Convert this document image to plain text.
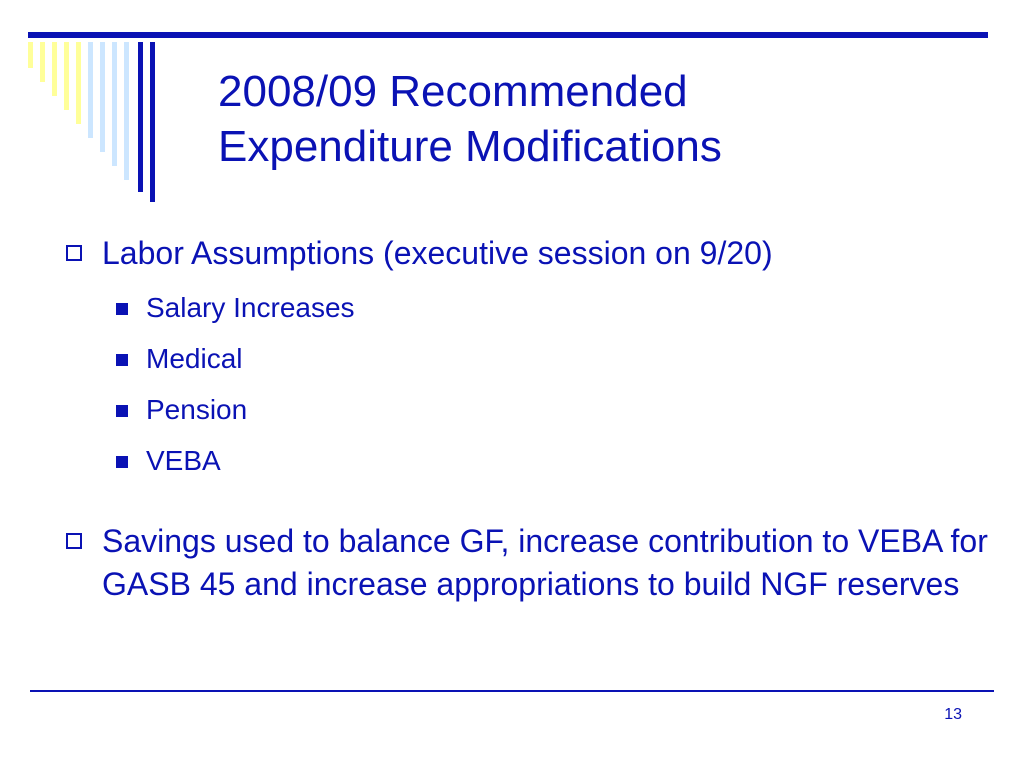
2008/09 Recommended
Expenditure Modifications
Labor Assumptions (executive session on 9/20)
Salary Increases
Medical
Pension
VEBA
Savings used to balance GF, increase contribution to VEBA for GASB 45 and increase appropriations to build NGF reserves
13
